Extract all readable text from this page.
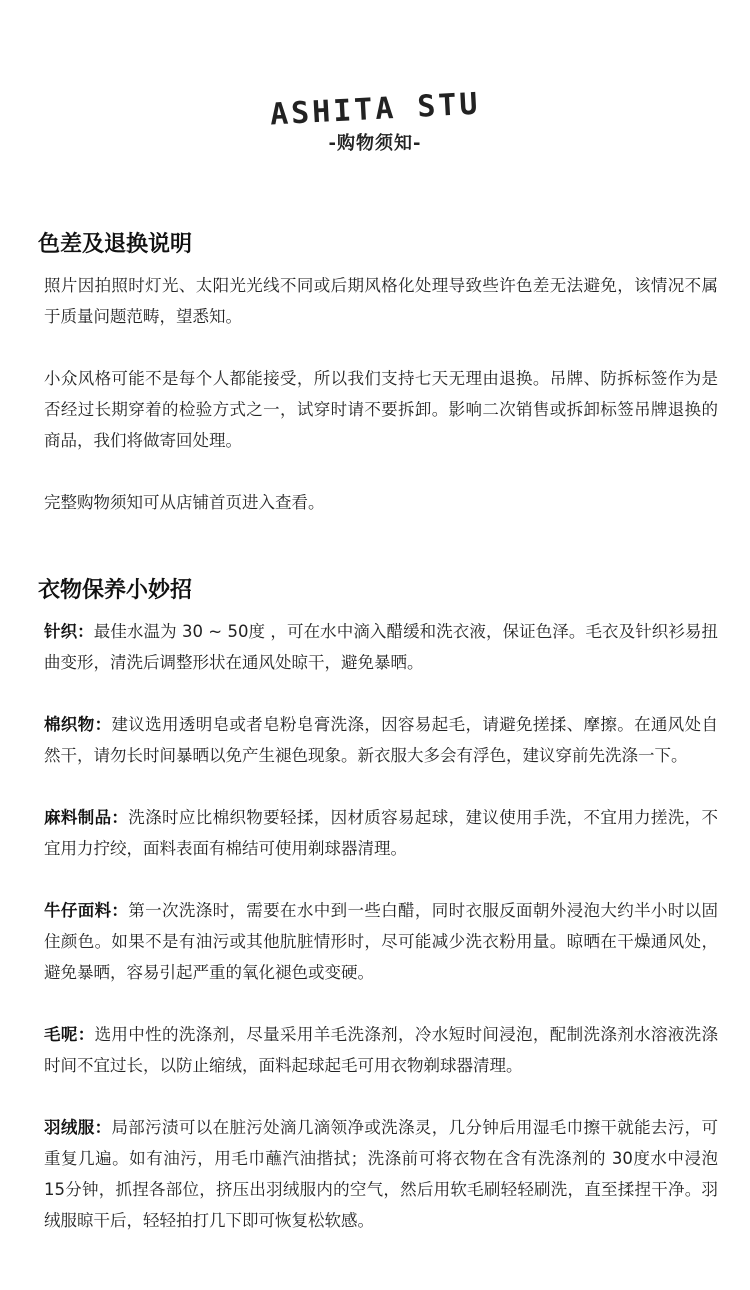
ASHITA STU
-购物须知-
色差及退换说明

照片因拍照时灯光、太阳光光线不同或后期风格化处理导致些许色差无法避免，该情况不属于质量问题范畴，望悉知。

小众风格可能不是每个人都能接受，所以我们支持七天无理由退换。吊牌、防拆标签作为是否经过长期穿着的检验方式之一，试穿时请不要拆卸。影响二次销售或拆卸标签吊牌退换的商品，我们将做寄回处理。

完整购物须知可从店铺首页进入查看。

衣物保养小妙招

针织：最佳水温为 30 ~ 50度 ，可在水中滴入醋缓和洗衣液，保证色泽。毛衣及针织衫易扭曲变形，清洗后调整形状在通风处晾干，避免暴晒。

棉织物：建议选用透明皂或者皂粉皂膏洗涤，因容易起毛，请避免搓揉、摩擦。在通风处自然干，请勿长时间暴晒以免产生褪色现象。新衣服大多会有浮色，建议穿前先洗涤一下。

麻料制品：洗涤时应比棉织物要轻揉，因材质容易起球，建议使用手洗，不宜用力搓洗，不宜用力拧绞，面料表面有棉结可使用剃球器清理。

牛仔面料：第一次洗涤时，需要在水中到一些白醋，同时衣服反面朝外浸泡大约半小时以固住颜色。如果不是有油污或其他肮脏情形时，尽可能减少洗衣粉用量。晾晒在干燥通风处，避免暴晒，容易引起严重的氧化褪色或变硬。

毛呢：选用中性的洗涤剂，尽量采用羊毛洗涤剂，冷水短时间浸泡，配制洗涤剂水溶液洗涤时间不宜过长，以防止缩绒，面料起球起毛可用衣物剃球器清理。

羽绒服：局部污渍可以在脏污处滴几滴领净或洗涤灵，几分钟后用湿毛巾擦干就能去污，可重复几遍。如有油污，用毛巾蘸汽油揩拭；洗涤前可将衣物在含有洗涤剂的 30度水中浸泡 15分钟，抓捏各部位，挤压出羽绒服内的空气，然后用软毛刷轻轻刷洗，直至揉捏干净。羽绒服晾干后，轻轻拍打几下即可恢复松软感。
